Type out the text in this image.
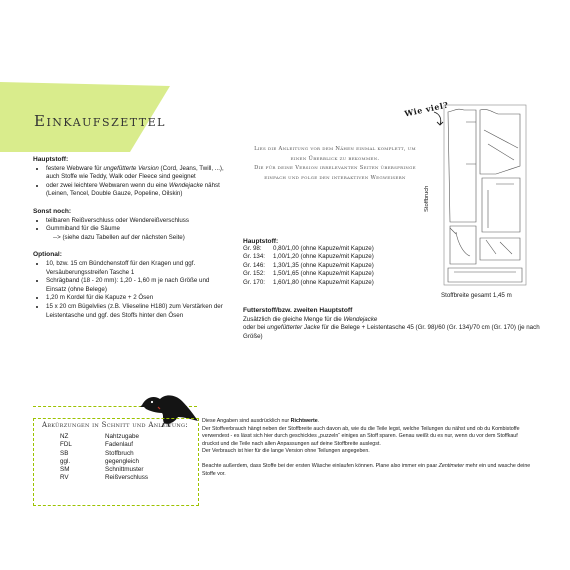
Einkaufszettel
Hauptstoff:
• festere Webware für ungefütterte Version (Cord, Jeans, Twill, ...), auch Stoffe wie Teddy, Walk oder Fleece sind geeignet
• oder zwei leichtere Webwaren wenn du eine Wendejacke nähst (Leinen, Tencel, Double Gauze, Popeline, Oilskin)
Sonst noch:
• teilbaren Reißverschluss oder Wendereißverschluss
• Gummiband für die Säume
--> (siehe dazu Tabellen auf der nächsten Seite)
Optional:
• 10, bzw. 15 cm Bündchenstoff für den Kragen und ggf. Versäuberungsstreifen Tasche 1
• Schrägband (18 - 20 mm): 1,20 - 1,60 m je nach Größe und Einsatz (ohne Belege)
• 1,20 m Kordel für die Kapuze + 2 Ösen
• 15 x 20 cm Bügelvlies (z.B. Vlieseline H180) zum Verstärken der Leistentasche und ggf. des Stoffs hinter den Ösen
Lies die Anleitung vor dem Nähen einmal komplett, um
einen Überblick zu bekommen.
Die für deine Version irrelevanten Seiten überspringe
einfach und folge den interaktiven Wegweisern
Wie viel?
Hauptstoff:
Gr. 98:	0,80/1,00 (ohne Kapuze/mit Kapuze)
Gr. 134:	1,00/1,20 (ohne Kapuze/mit Kapuze)
Gr. 146:	1,30/1,35 (ohne Kapuze/mit Kapuze)
Gr. 152:	1,50/1,65 (ohne Kapuze/mit Kapuze)
Gr. 170:	1,60/1,80 (ohne Kapuze/mit Kapuze)
Stoffbruch
Stoffbreite gesamt 1,45 m
Futterstoff/bzw. zweiten Hauptstoff
Zusätzlich die gleiche Menge für die Wendejacke
oder bei ungefütterter Jacke für die Belege + Leistentasche 45 (Gr. 98)/60 (Gr. 134)/70 cm (Gr. 170) (je nach Größe)
Abkürzungen in Schnitt und Anleitung:
NZ	Nahtzugabe
FDL	Fadenlauf
SB	Stoffbruch
ggl.	gegengleich
SM	Schnittmuster
RV	Reißverschluss
Diese Angaben sind ausdrücklich nur Richtwerte.
Der Stoffverbrauch hängt neben der Stoffbreite auch davon ab, wie du die Teile legst, welche Teilungen du nähst und ob du Kombistoffe verwendest - es lässt sich hier durch geschicktes „puzzeln“ einiges an Stoff sparen. Genau weißt du es nur, wenn du vor dem Stoffkauf druckst und die Teile nach allen Anpassungen auf deine Stoffbreite auslegst.
Der Verbrauch ist hier für die lange Version ohne Teilungen angegeben.
Beachte außerdem, dass Stoffe bei der ersten Wäsche einlaufen können. Plane also immer ein paar Zentimeter mehr ein und wasche deine Stoffe vor.
